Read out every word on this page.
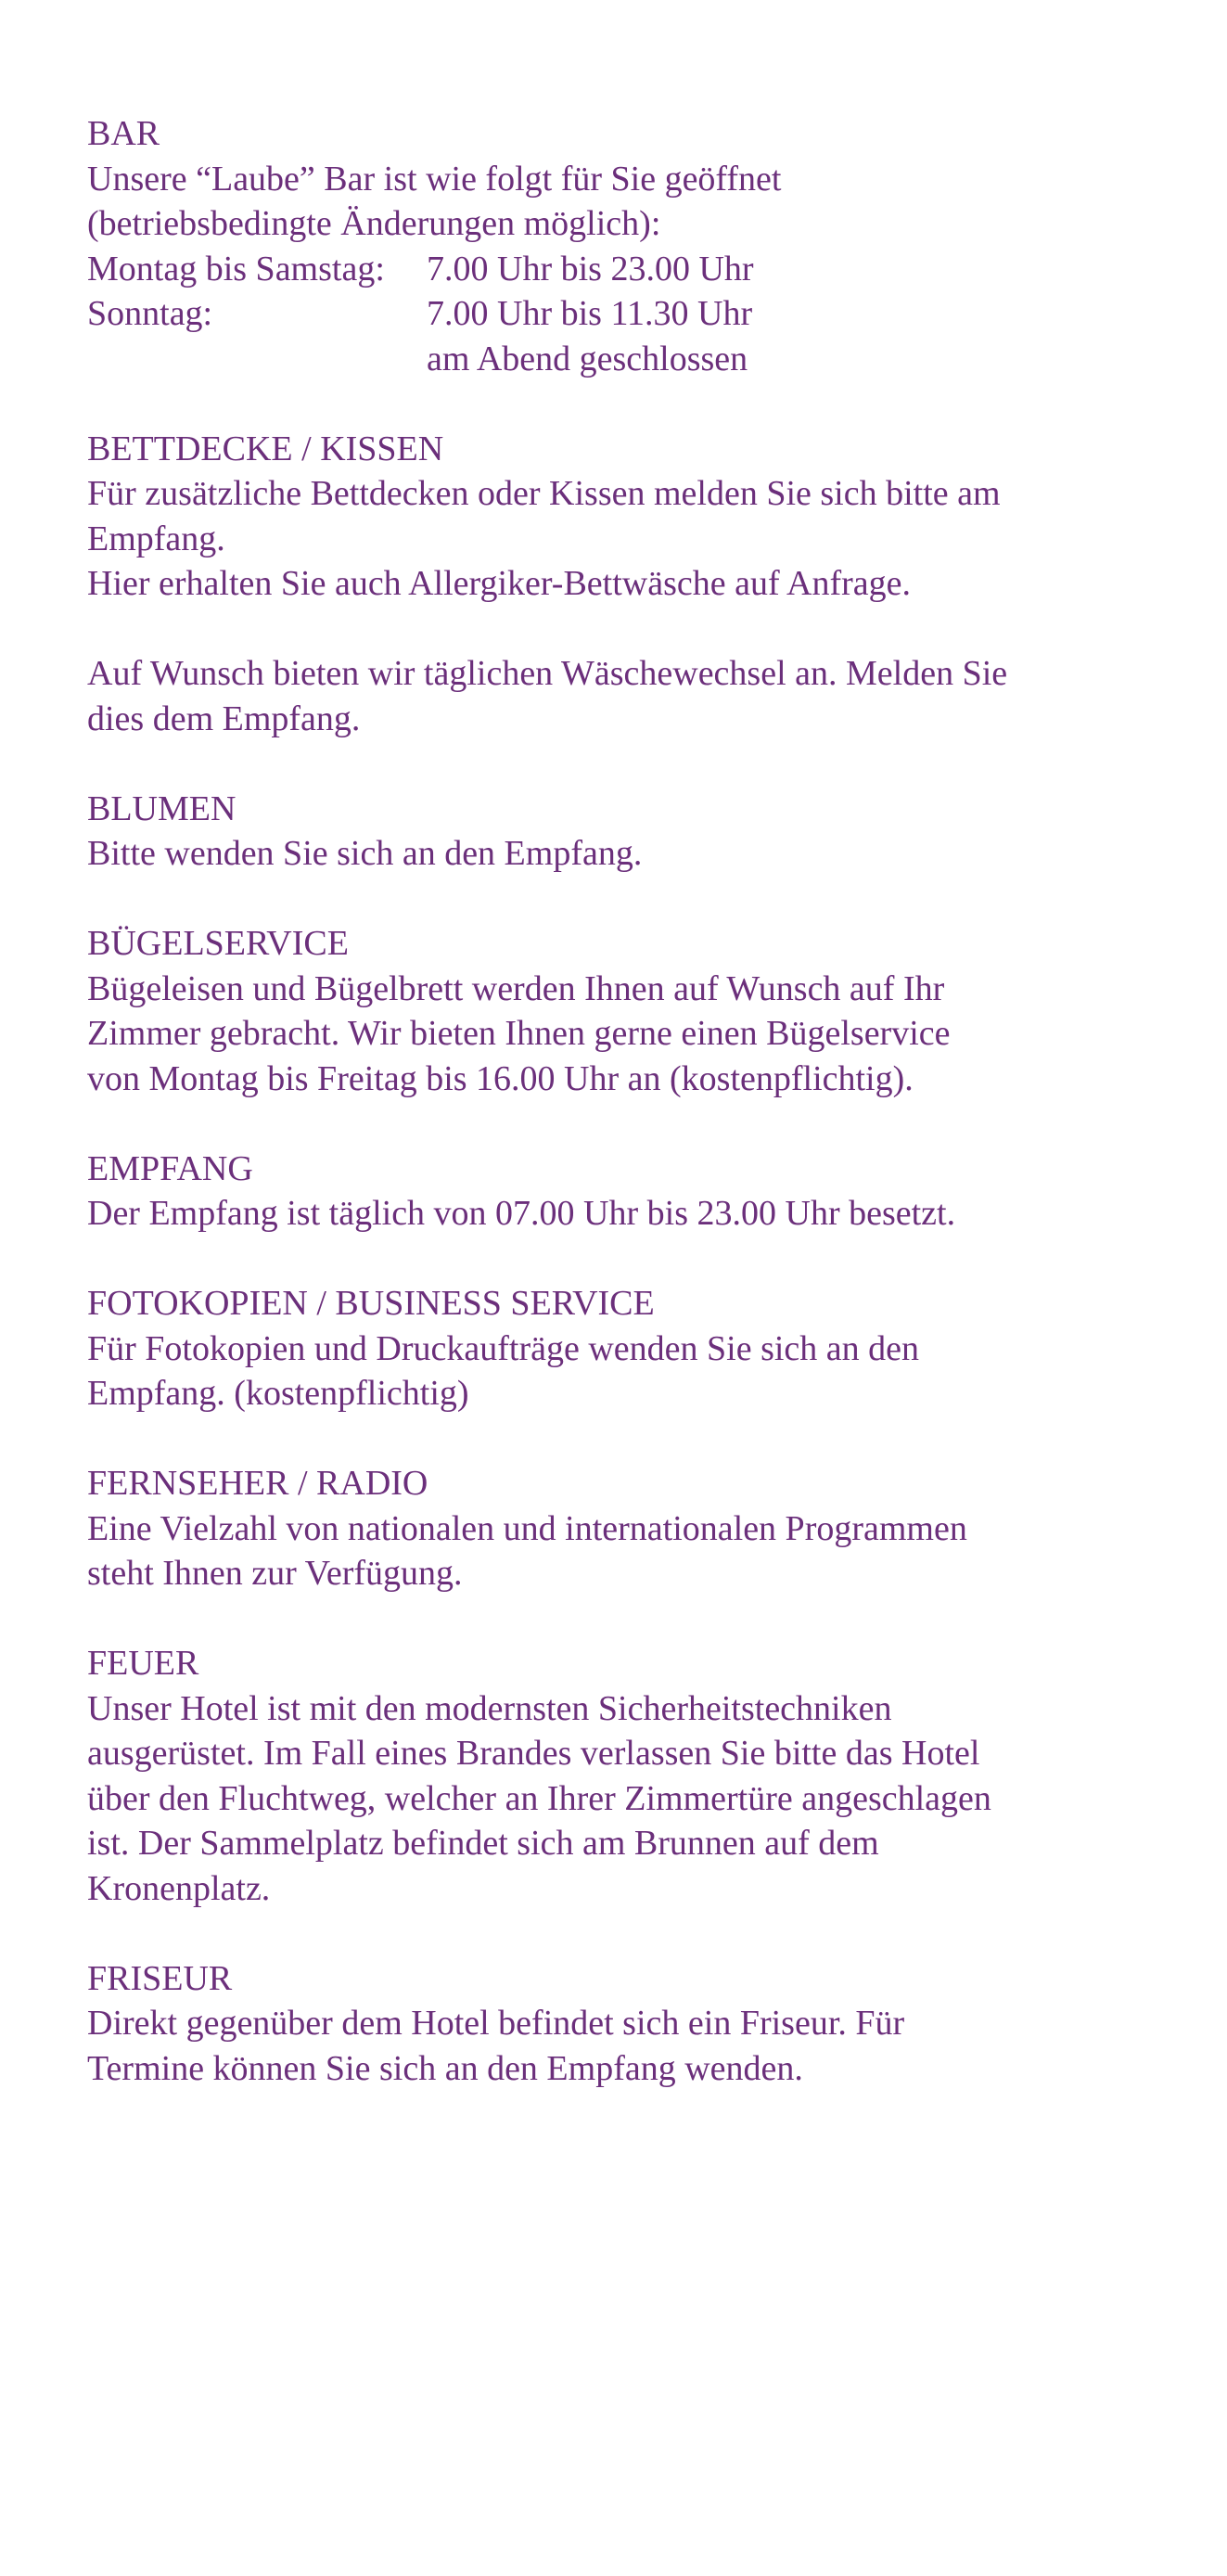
BAR
Unsere “Laube” Bar ist wie folgt für Sie geöffnet
(betriebsbedingte Änderungen möglich):
Montag bis Samstag:	7.00 Uhr bis 23.00 Uhr
Sonntag:	7.00 Uhr bis 11.30 Uhr
am Abend geschlossen
BETTDECKE / KISSEN
Für zusätzliche Bettdecken oder Kissen melden Sie sich bitte am
Empfang.
Hier erhalten Sie auch Allergiker-Bettwäsche auf Anfrage.
Auf Wunsch bieten wir täglichen Wäschewechsel an. Melden Sie
dies dem Empfang.
BLUMEN
Bitte wenden Sie sich an den Empfang.
BÜGELSERVICE
Bügeleisen und Bügelbrett werden Ihnen auf Wunsch auf Ihr
Zimmer gebracht. Wir bieten Ihnen gerne einen Bügelservice
von Montag bis Freitag bis 16.00 Uhr an (kostenpflichtig).
EMPFANG
Der Empfang ist täglich von 07.00 Uhr bis 23.00 Uhr besetzt.
FOTOKOPIEN / BUSINESS SERVICE
Für Fotokopien und Druckaufträge wenden Sie sich an den
Empfang. (kostenpflichtig)
FERNSEHER / RADIO
Eine Vielzahl von nationalen und internationalen Programmen
steht Ihnen zur Verfügung.
FEUER
Unser Hotel ist mit den modernsten Sicherheitstechniken
ausgerüstet. Im Fall eines Brandes verlassen Sie bitte das Hotel
über den Fluchtweg, welcher an Ihrer Zimmertüre angeschlagen
ist. Der Sammelplatz befindet sich am Brunnen auf dem
Kronenplatz.
FRISEUR
Direkt gegenüber dem Hotel befindet sich ein Friseur. Für
Termine können Sie sich an den Empfang wenden.
